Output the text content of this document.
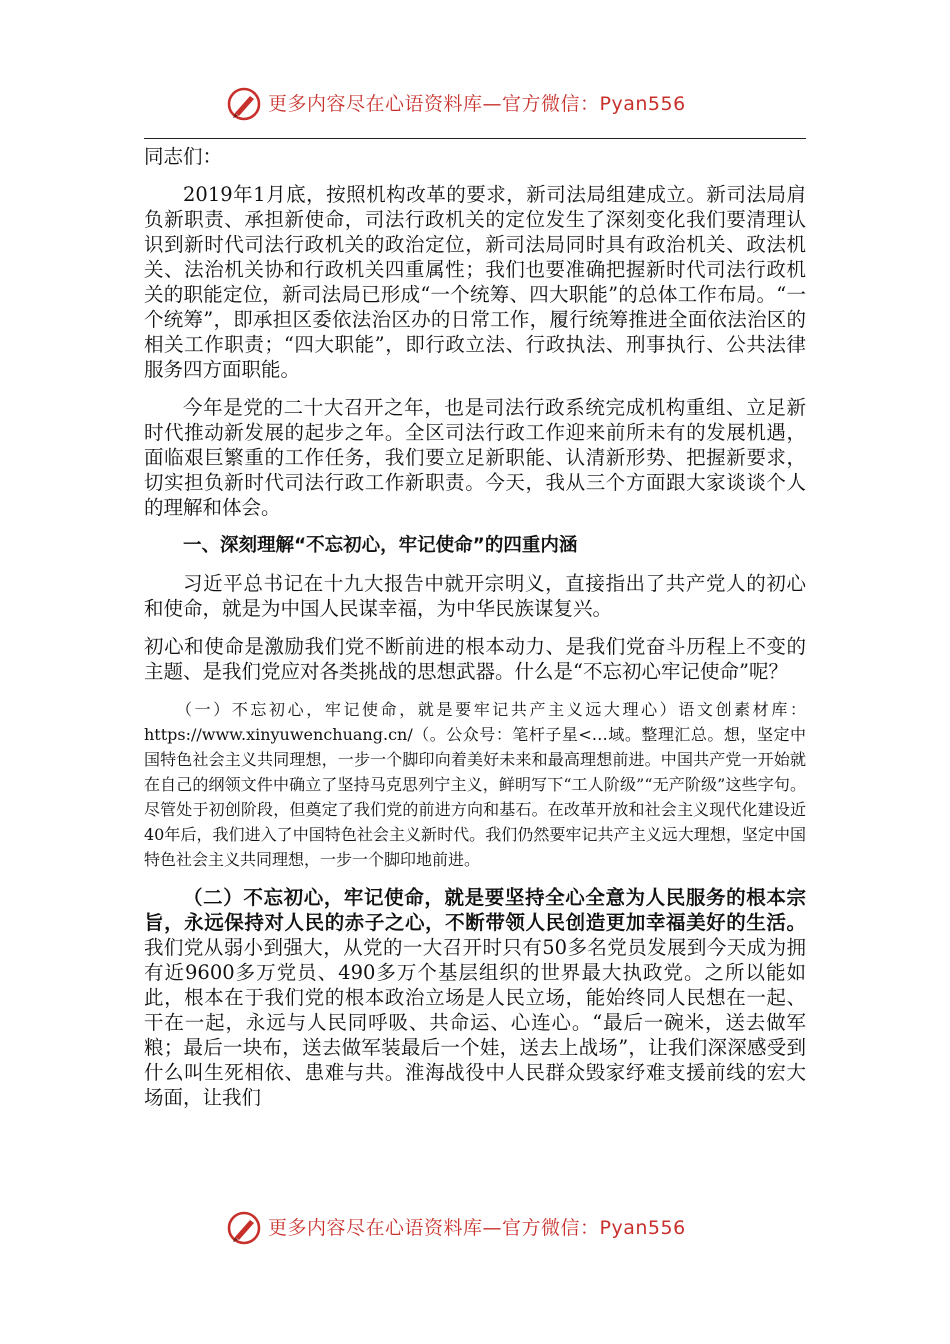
更多内容尽在心语资料库—官方微信：Pyan556

同志们：

2019年1月底，按照机构改革的要求，新司法局组建成立。新司法局肩负新职责、承担新使命，司法行政机关的定位发生了深刻变化我们要清理认识到新时代司法行政机关的政治定位，新司法局同时具有政治机关、政法机关、法治机关协和行政机关四重属性；我们也要准确把握新时代司法行政机关的职能定位，新司法局已形成“一个统筹、四大职能”的总体工作布局。“一个统筹”，即承担区委依法治区办的日常工作，履行统筹推进全面依法治区的相关工作职责；“四大职能”，即行政立法、行政执法、刑事执行、公共法律服务四方面职能。

今年是党的二十大召开之年，也是司法行政系统完成机构重组、立足新时代推动新发展的起步之年。全区司法行政工作迎来前所未有的发展机遇，面临艰巨繁重的工作任务，我们要立足新职能、认清新形势、把握新要求，切实担负新时代司法行政工作新职责。今天，我从三个方面跟大家谈谈个人的理解和体会。

一、深刻理解“不忘初心，牢记使命”的四重内涵

习近平总书记在十九大报告中就开宗明义，直接指出了共产党人的初心和使命，就是为中国人民谋幸福，为中华民族谋复兴。

初心和使命是激励我们党不断前进的根本动力、是我们党奋斗历程上不变的主题、是我们党应对各类挑战的思想武器。什么是“不忘初心牢记使命”呢？

（一）不忘初心，牢记使命，就是要牢记共产主义远大理心）语文创素材库：https://www.xinyuwenchuang.cn/（。公众号：笔杆子星<…域。整理汇总。想，坚定中国特色社会主义共同理想，一步一个脚印向着美好未来和最高理想前进。中国共产党一开始就在自己的纲领文件中确立了坚持马克思列宁主义，鲜明写下“工人阶级”“无产阶级”这些字句。尽管处于初创阶段，但奠定了我们党的前进方向和基石。在改革开放和社会主义现代化建设近40年后，我们进入了中国特色社会主义新时代。我们仍然要牢记共产主义远大理想，坚定中国特色社会主义共同理想，一步一个脚印地前进。

（二）不忘初心，牢记使命，就是要坚持全心全意为人民服务的根本宗旨，永远保持对人民的赤子之心，不断带领人民创造更加幸福美好的生活。我们党从弱小到强大，从党的一大召开时只有50多名党员发展到今天成为拥有近9600多万党员、490多万个基层组织的世界最大执政党。之所以能如此，根本在于我们党的根本政治立场是人民立场，能始终同人民想在一起、干在一起，永远与人民同呼吸、共命运、心连心。“最后一碗米，送去做军粮；最后一块布，送去做军装最后一个娃，送去上战场”，让我们深深感受到什么叫生死相依、患难与共。淮海战役中人民群众毁家纾难支援前线的宏大场面，让我们

更多内容尽在心语资料库—官方微信：Pyan556
